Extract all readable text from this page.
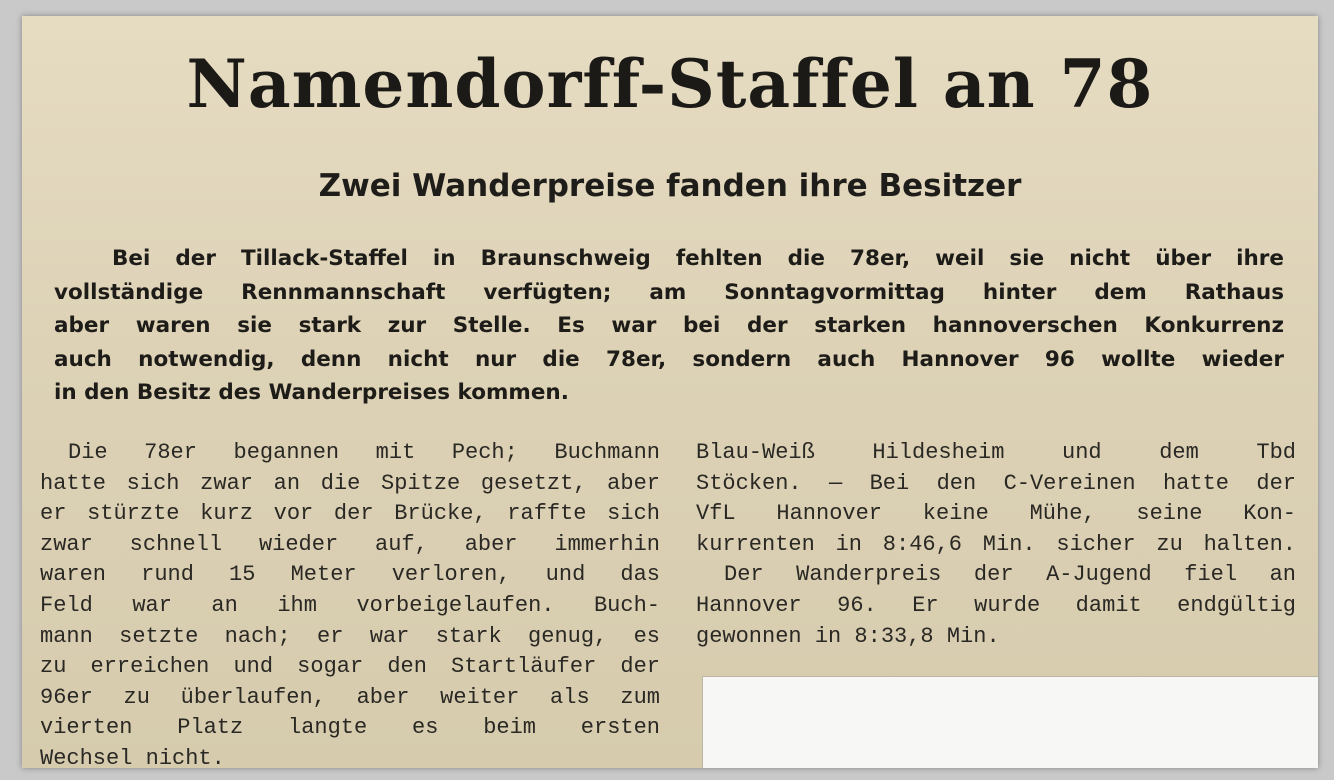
Namendorff-Staffel an 78
Zwei Wanderpreise fanden ihre Besitzer

Bei der Tillack-Staffel in Braunschweig fehlten die 78er, weil sie nicht über ihre
vollständige Rennmannschaft verfügten; am Sonntagvormittag hinter dem Rathaus
aber waren sie stark zur Stelle. Es war bei der starken hannoverschen Konkurrenz
auch notwendig, denn nicht nur die 78er, sondern auch Hannover 96 wollte wieder
in den Besitz des Wanderpreises kommen.

Die 78er begannen mit Pech; Buchmann
hatte sich zwar an die Spitze gesetzt, aber
er stürzte kurz vor der Brücke, raffte sich
zwar schnell wieder auf, aber immerhin
waren rund 15 Meter verloren, und das
Feld war an ihm vorbeigelaufen. Buch-
mann setzte nach; er war stark genug, es
zu erreichen und sogar den Startläufer der
96er zu überlaufen, aber weiter als zum
vierten Platz langte es beim ersten
Wechsel nicht.
Blau-Weiß Hildesheim und dem Tbd
Stöcken. — Bei den C-Vereinen hatte der
VfL Hannover keine Mühe, seine Kon-
kurrenten in 8:46,6 Min. sicher zu halten.
Der Wanderpreis der A-Jugend fiel an
Hannover 96. Er wurde damit endgültig
gewonnen in 8:33,8 Min.
